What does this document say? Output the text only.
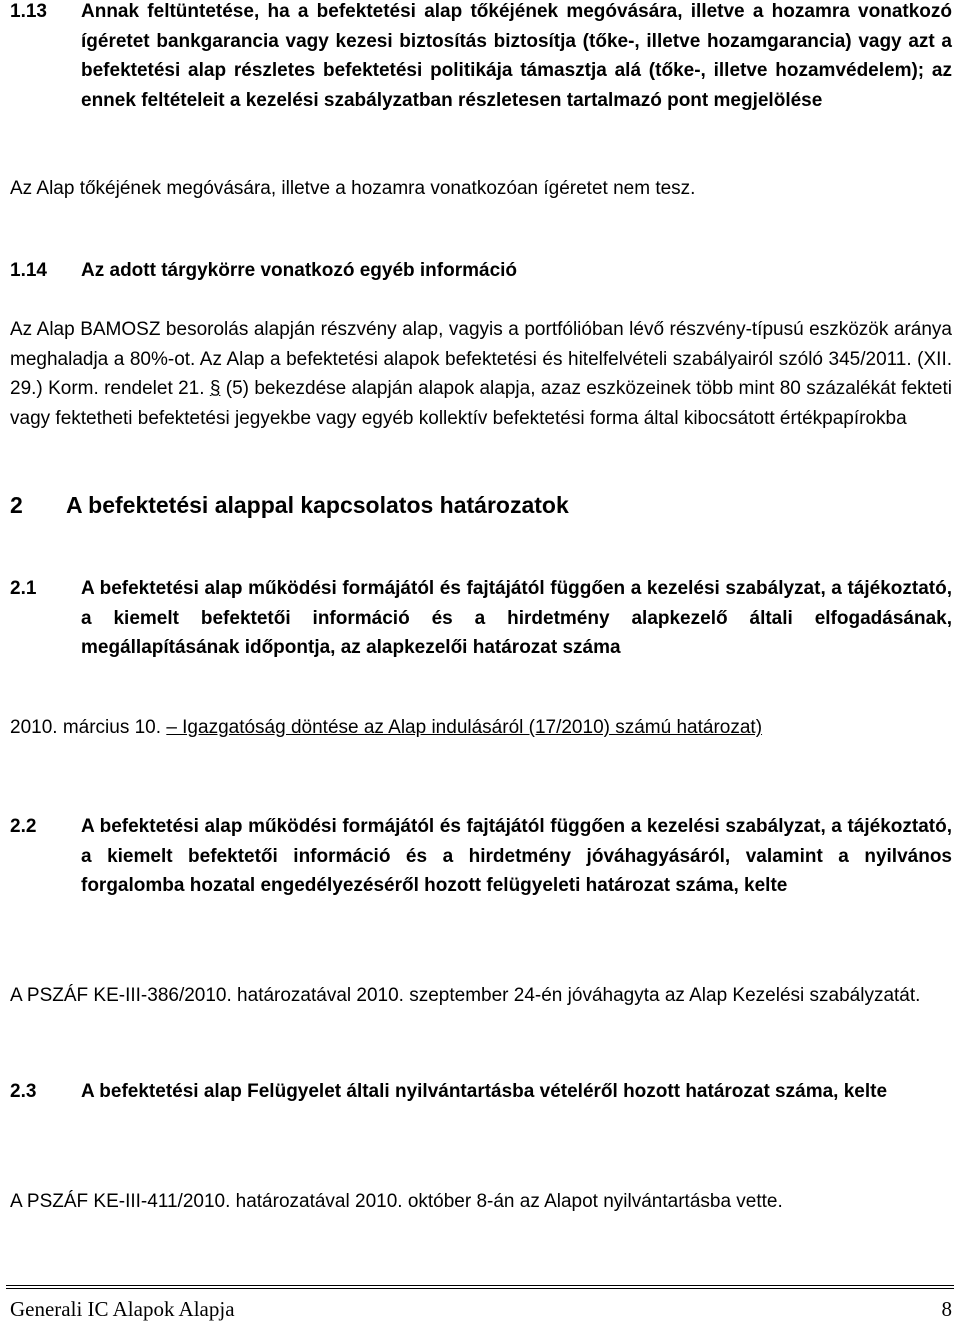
1.13	Annak feltüntetése, ha a befektetési alap tőkéjének megóvására, illetve a hozamra vonatkozó ígéretet bankgarancia vagy kezesi biztosítás biztosítja (tőke-, illetve hozamgarancia) vagy azt a befektetési alap részletes befektetési politikája támasztja alá (tőke-, illetve hozamvédelem); az ennek feltételeit a kezelési szabályzatban részletesen tartalmazó pont megjelölése

Az Alap tőkéjének megóvására, illetve a hozamra vonatkozóan ígéretet nem tesz.

1.14	Az adott tárgykörre vonatkozó egyéb információ

Az Alap BAMOSZ besorolás alapján részvény alap, vagyis a portfólióban lévő részvény-típusú eszközök aránya meghaladja a 80%-ot. Az Alap a befektetési alapok befektetési és hitelfelvételi szabályairól szóló 345/2011. (XII. 29.) Korm. rendelet 21. § (5) bekezdése alapján alapok alapja, azaz eszközeinek több mint 80 százalékát fekteti vagy fektetheti befektetési jegyekbe vagy egyéb kollektív befektetési forma által kibocsátott értékpapírokba

2	A befektetési alappal kapcsolatos határozatok
2.1	A befektetési alap működési formájától és fajtájától függően a kezelési szabályzat, a tájékoztató, a kiemelt befektetői információ és a hirdetmény alapkezelő általi elfogadásának, megállapításának időpontja, az alapkezelői határozat száma

2010. március 10. – Igazgatóság döntése az Alap indulásáról (17/2010) számú határozat)

2.2	A befektetési alap működési formájától és fajtájától függően a kezelési szabályzat, a tájékoztató, a kiemelt befektetői információ és a hirdetmény jóváhagyásáról, valamint a nyilvános forgalomba hozatal engedélyezéséről hozott felügyeleti határozat száma, kelte

A PSZÁF KE-III-386/2010. határozatával 2010. szeptember 24-én jóváhagyta az Alap Kezelési szabályzatát.

2.3	A befektetési alap Felügyelet általi nyilvántartásba vételéről hozott határozat száma, kelte

A PSZÁF KE-III-411/2010. határozatával 2010. október 8-án az Alapot nyilvántartásba vette.

Generali IC Alapok Alapja	8
